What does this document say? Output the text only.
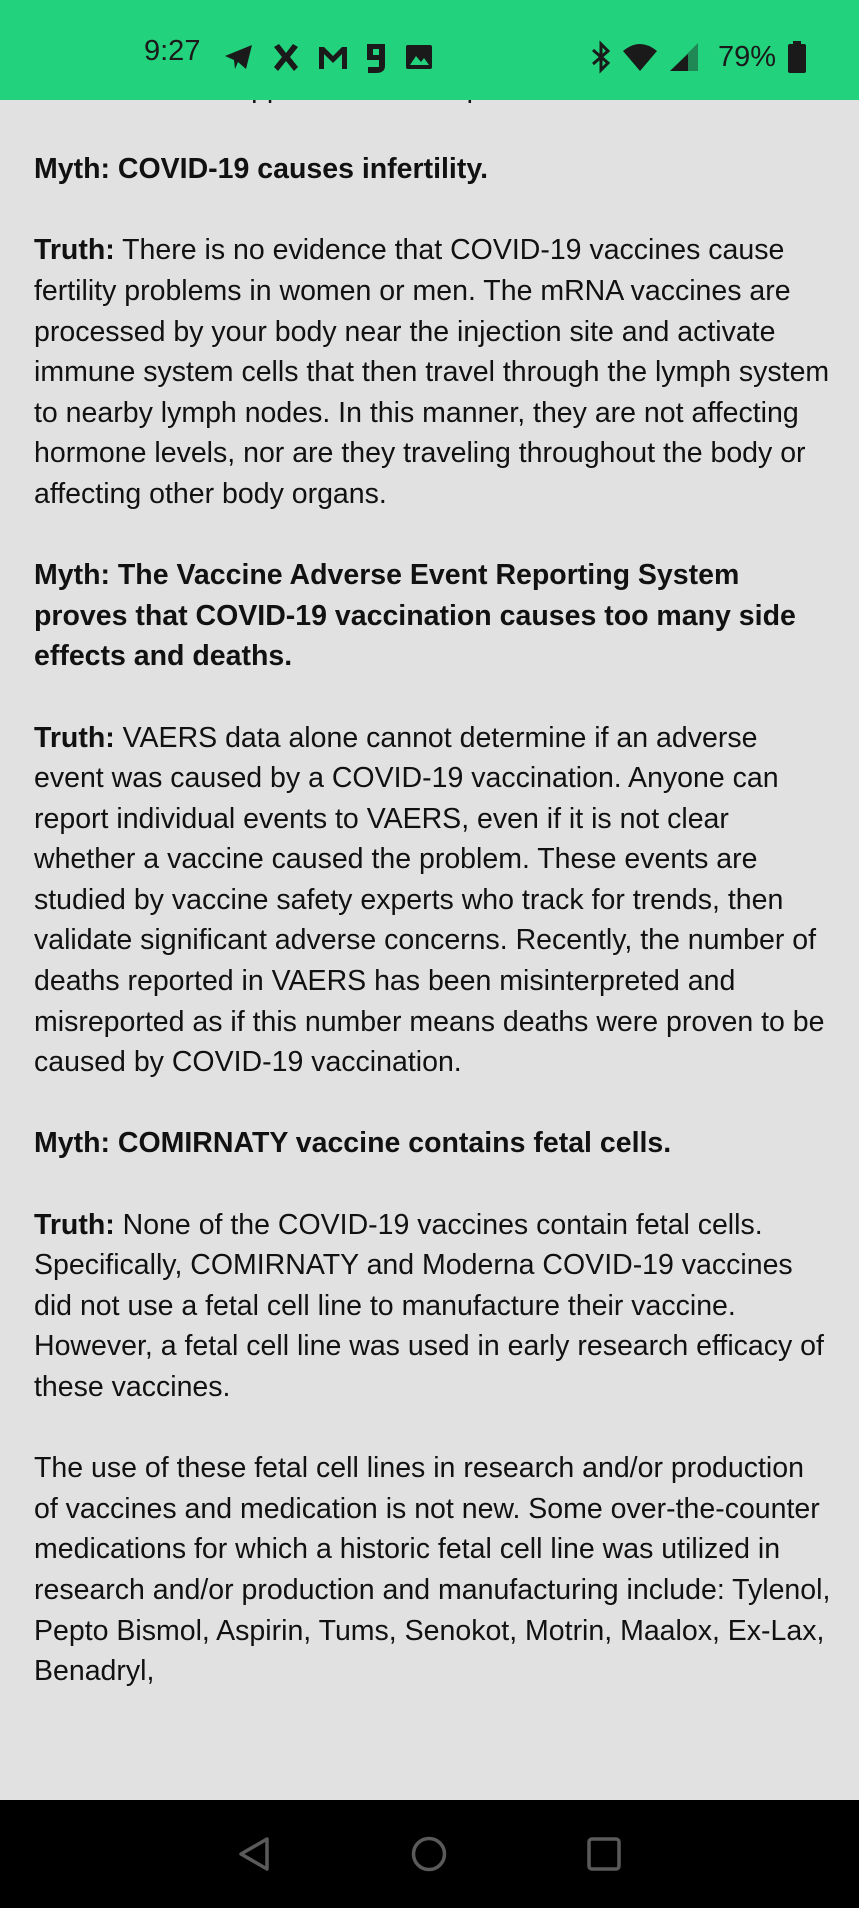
9:27	79%

Myth: COVID-19 causes infertility.

Truth: There is no evidence that COVID-19 vaccines cause fertility problems in women or men. The mRNA vaccines are processed by your body near the injection site and activate immune system cells that then travel through the lymph system to nearby lymph nodes. In this manner, they are not affecting hormone levels, nor are they traveling throughout the body or affecting other body organs.

Myth: The Vaccine Adverse Event Reporting System proves that COVID-19 vaccination causes too many side effects and deaths.

Truth: VAERS data alone cannot determine if an adverse event was caused by a COVID-19 vaccination. Anyone can report individual events to VAERS, even if it is not clear whether a vaccine caused the problem. These events are studied by vaccine safety experts who track for trends, then validate significant adverse concerns. Recently, the number of deaths reported in VAERS has been misinterpreted and misreported as if this number means deaths were proven to be caused by COVID-19 vaccination.

Myth: COMIRNATY vaccine contains fetal cells.

Truth: None of the COVID-19 vaccines contain fetal cells. Specifically, COMIRNATY and Moderna COVID-19 vaccines did not use a fetal cell line to manufacture their vaccine. However, a fetal cell line was used in early research efficacy of these vaccines.

The use of these fetal cell lines in research and/or production of vaccines and medication is not new. Some over-the-counter medications for which a historic fetal cell line was utilized in research and/or production and manufacturing include: Tylenol, Pepto Bismol, Aspirin, Tums, Senokot, Motrin, Maalox, Ex-Lax, Benadryl,
